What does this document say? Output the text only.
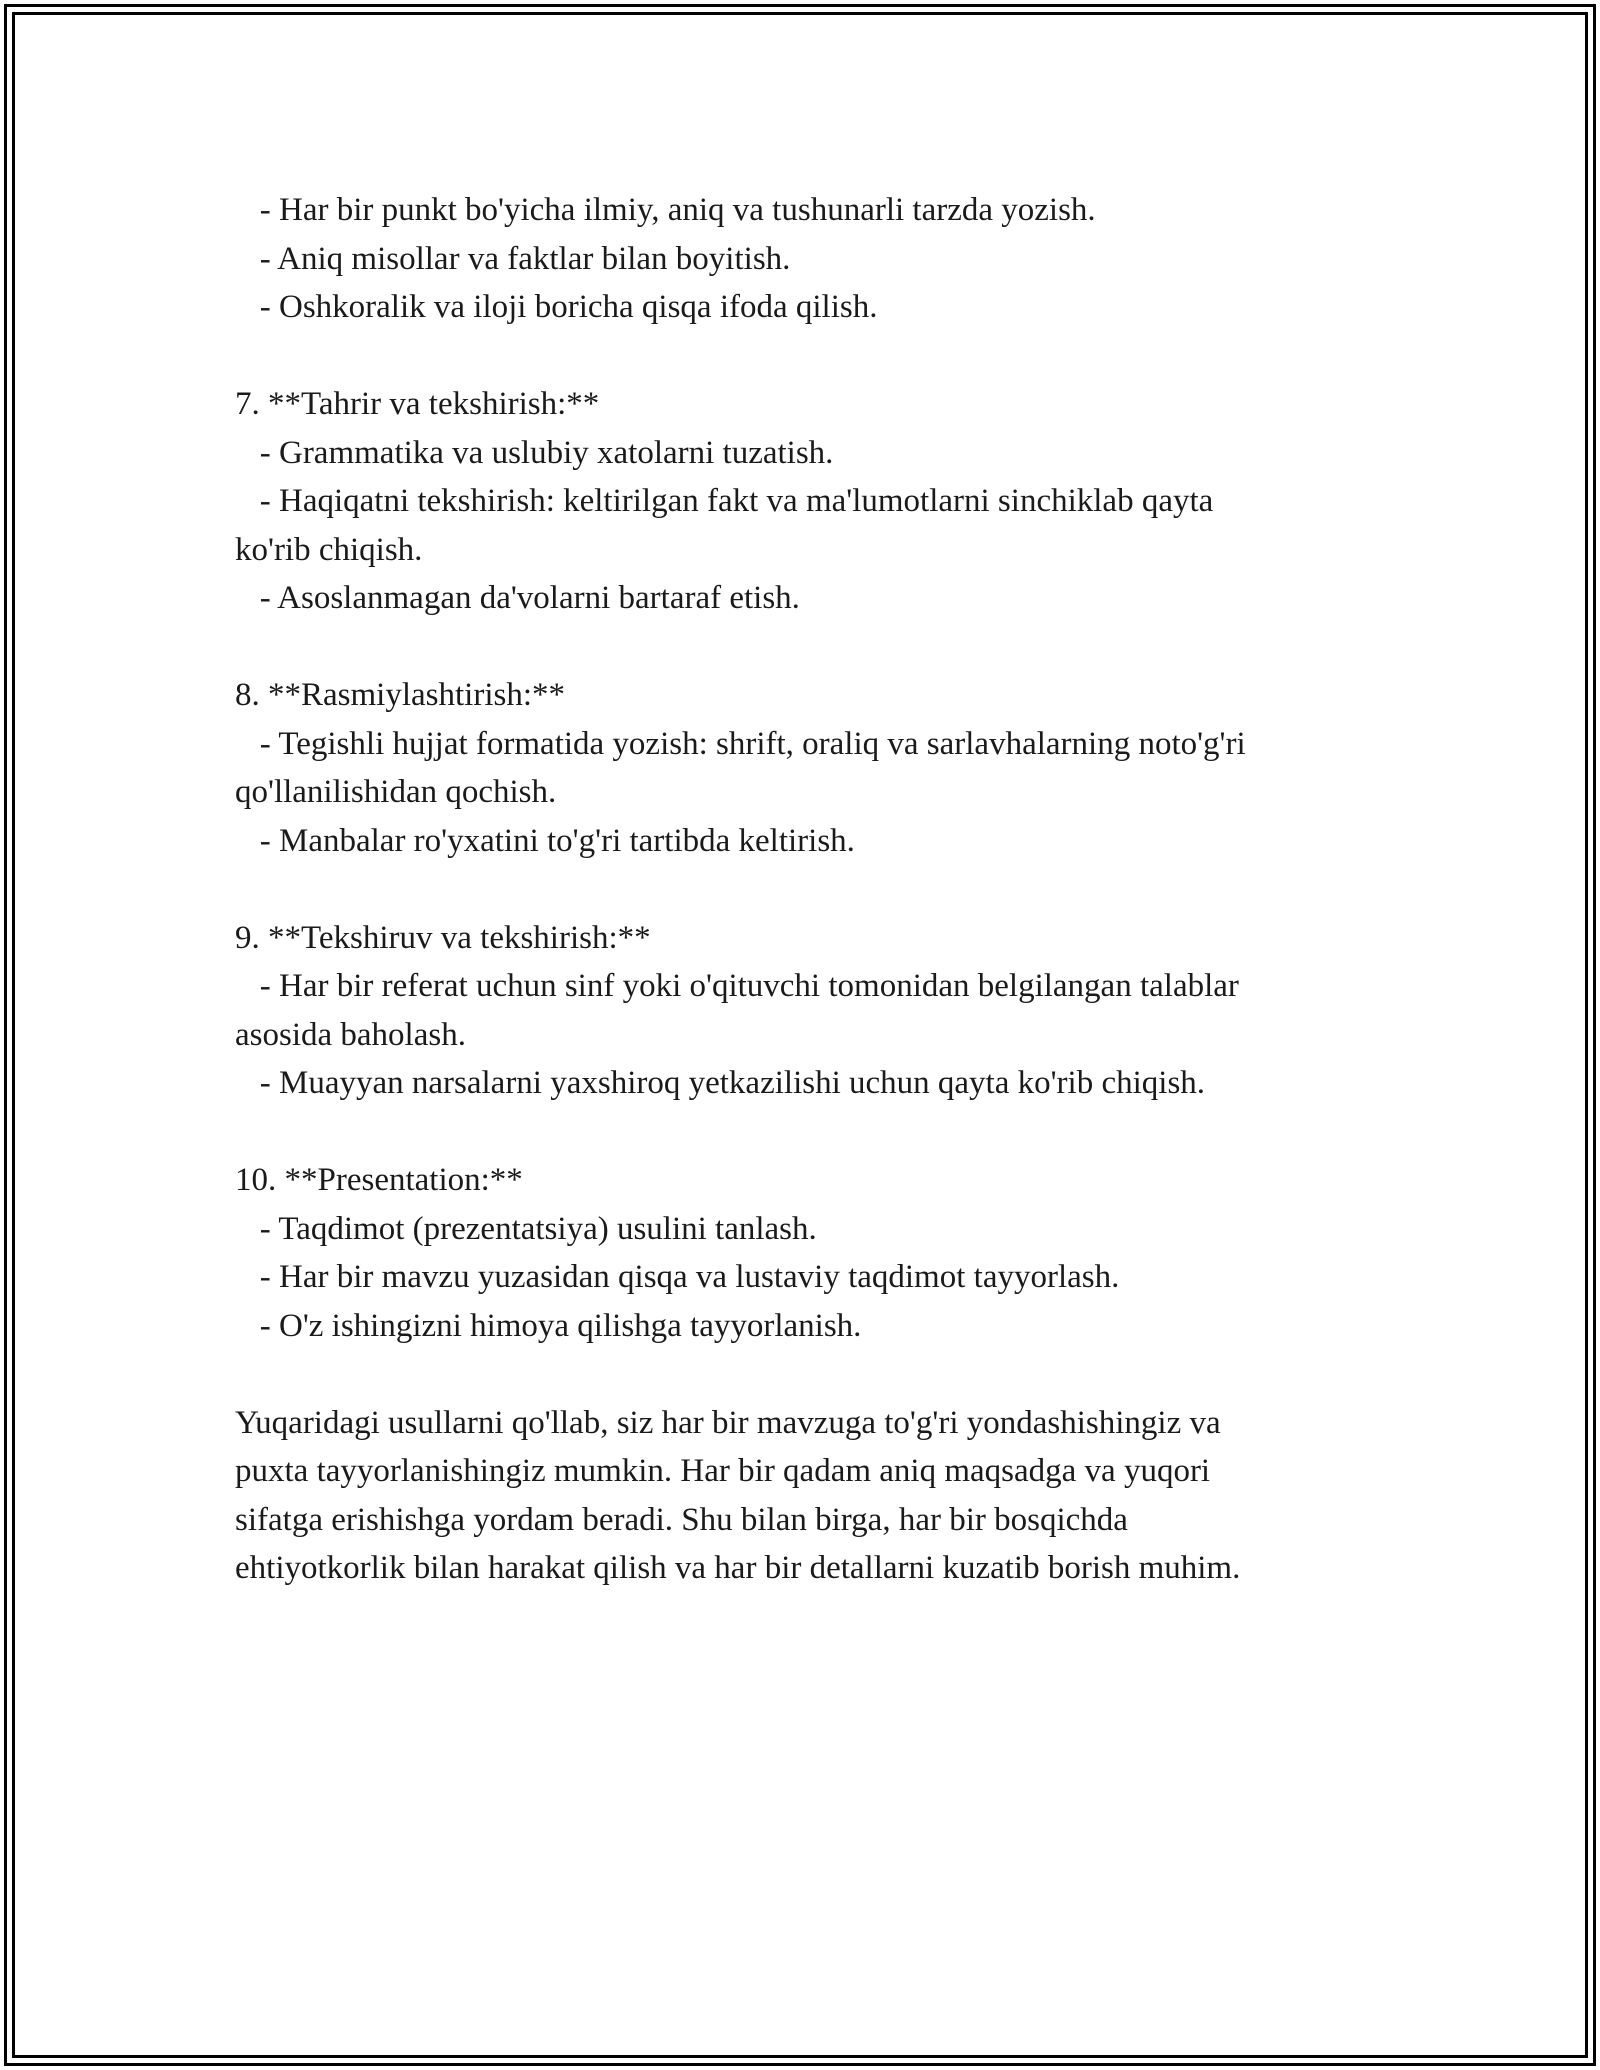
- Har bir punkt bo'yicha ilmiy, aniq va tushunarli tarzda yozish.
- Aniq misollar va faktlar bilan boyitish.
- Oshkoralik va iloji boricha qisqa ifoda qilish.
7. **Tahrir va tekshirish:**
- Grammatika va uslubiy xatolarni tuzatish.
- Haqiqatni tekshirish: keltirilgan fakt va ma'lumotlarni sinchiklab qayta
ko'rib chiqish.
- Asoslanmagan da'volarni bartaraf etish.
8. **Rasmiylashtirish:**
- Tegishli hujjat formatida yozish: shrift, oraliq va sarlavhalarning noto'g'ri
qo'llanilishidan qochish.
- Manbalar ro'yxatini to'g'ri tartibda keltirish.
9. **Tekshiruv va tekshirish:**
- Har bir referat uchun sinf yoki o'qituvchi tomonidan belgilangan talablar
asosida baholash.
- Muayyan narsalarni yaxshiroq yetkazilishi uchun qayta ko'rib chiqish.
10. **Presentation:**
- Taqdimot (prezentatsiya) usulini tanlash.
- Har bir mavzu yuzasidan qisqa va lustaviy taqdimot tayyorlash.
- O'z ishingizni himoya qilishga tayyorlanish.
Yuqaridagi usullarni qo'llab, siz har bir mavzuga to'g'ri yondashishingiz va
puxta tayyorlanishingiz mumkin. Har bir qadam aniq maqsadga va yuqori
sifatga erishishga yordam beradi. Shu bilan birga, har bir bosqichda
ehtiyotkorlik bilan harakat qilish va har bir detallarni kuzatib borish muhim.
